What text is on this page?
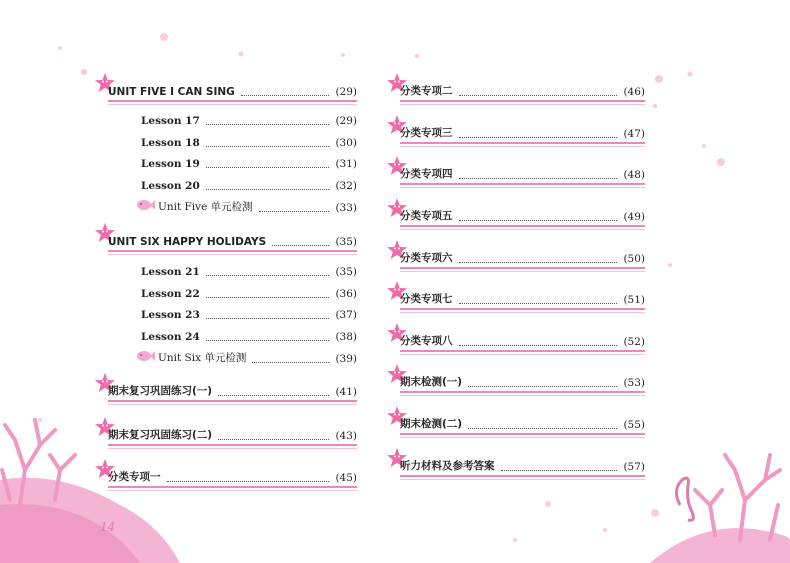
UNIT FIVE I CAN SING	(29)
Lesson 17	(29)
Lesson 18	(30)
Lesson 19	(31)
Lesson 20	(32)
Unit Five 单元检测	(33)
UNIT SIX HAPPY HOLIDAYS	(35)
Lesson 21	(35)
Lesson 22	(36)
Lesson 23	(37)
Lesson 24	(38)
Unit Six 单元检测	(39)
期末复习巩固练习(一)	(41)
期末复习巩固练习(二)	(43)
分类专项一	(45)
分类专项二	(46)
分类专项三	(47)
分类专项四	(48)
分类专项五	(49)
分类专项六	(50)
分类专项七	(51)
分类专项八	(52)
期末检测(一)	(53)
期末检测(二)	(55)
听力材料及参考答案	(57)
14
